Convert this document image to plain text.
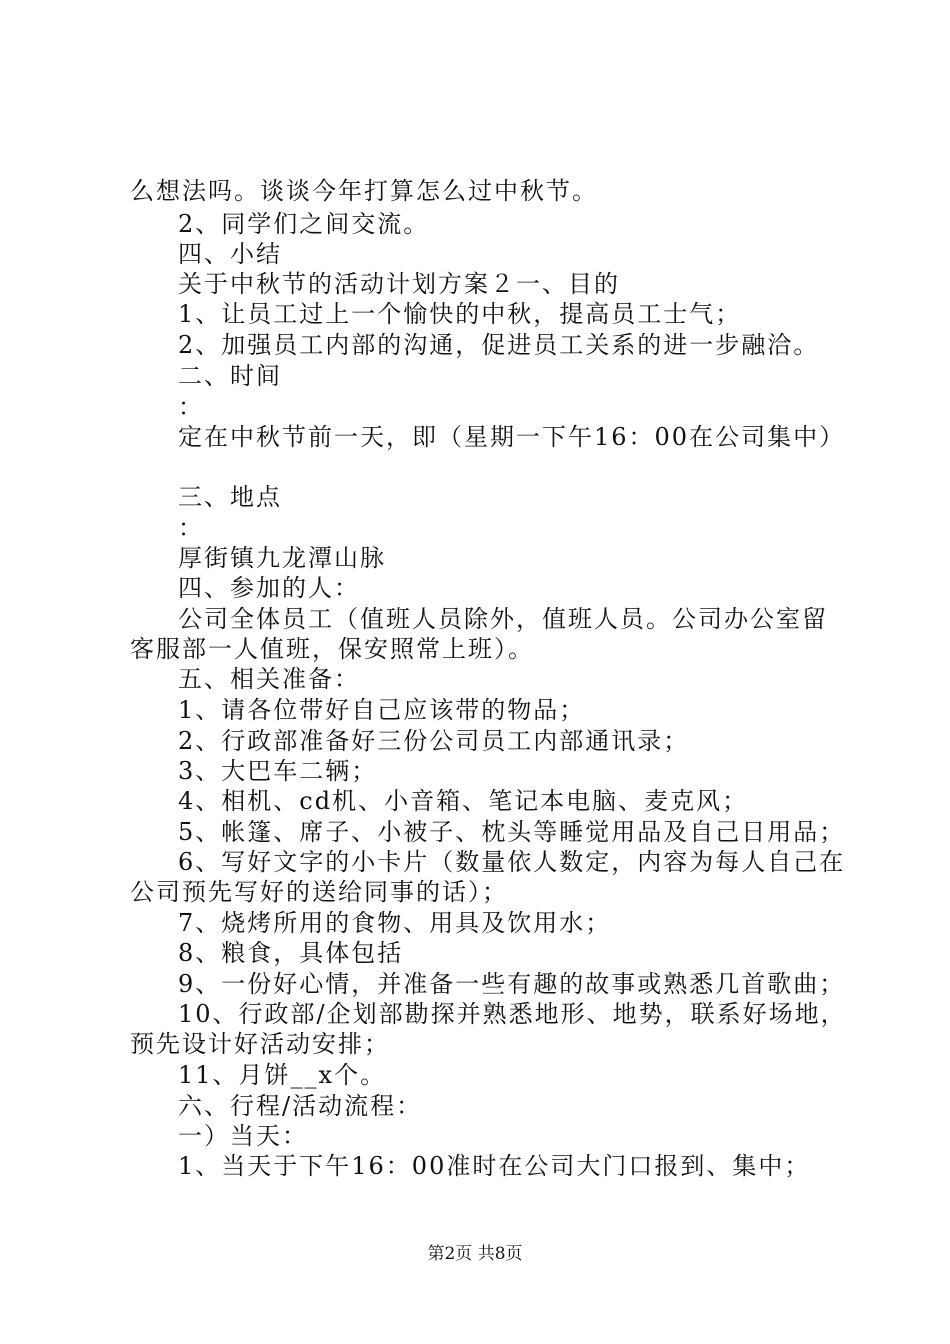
么想法吗。谈谈今年打算怎么过中秋节。
2、同学们之间交流。
四、小结
关于中秋节的活动计划方案２一、目的
1、让员工过上一个愉快的中秋，提高员工士气；
2、加强员工内部的沟通，促进员工关系的进一步融洽。
二、时间
：
定在中秋节前一天，即（星期一下午16：00在公司集中）
三、地点
：
厚街镇九龙潭山脉
四、参加的人：
公司全体员工（值班人员除外，值班人员。公司办公室留
客服部一人值班，保安照常上班）。
五、相关准备：
1、请各位带好自己应该带的物品；
2、行政部准备好三份公司员工内部通讯录；
3、大巴车二辆；
4、相机、cd机、小音箱、笔记本电脑、麦克风；
5、帐篷、席子、小被子、枕头等睡觉用品及自己日用品；
6、写好文字的小卡片（数量依人数定，内容为每人自己在
公司预先写好的送给同事的话）；
7、烧烤所用的食物、用具及饮用水；
8、粮食，具体包括
9、一份好心情，并准备一些有趣的故事或熟悉几首歌曲；
10、行政部/企划部勘探并熟悉地形、地势，联系好场地，
预先设计好活动安排；
11、月饼__x个。
六、行程/活动流程：
一）当天：
1、当天于下午16：00准时在公司大门口报到、集中；
第2页 共8页
